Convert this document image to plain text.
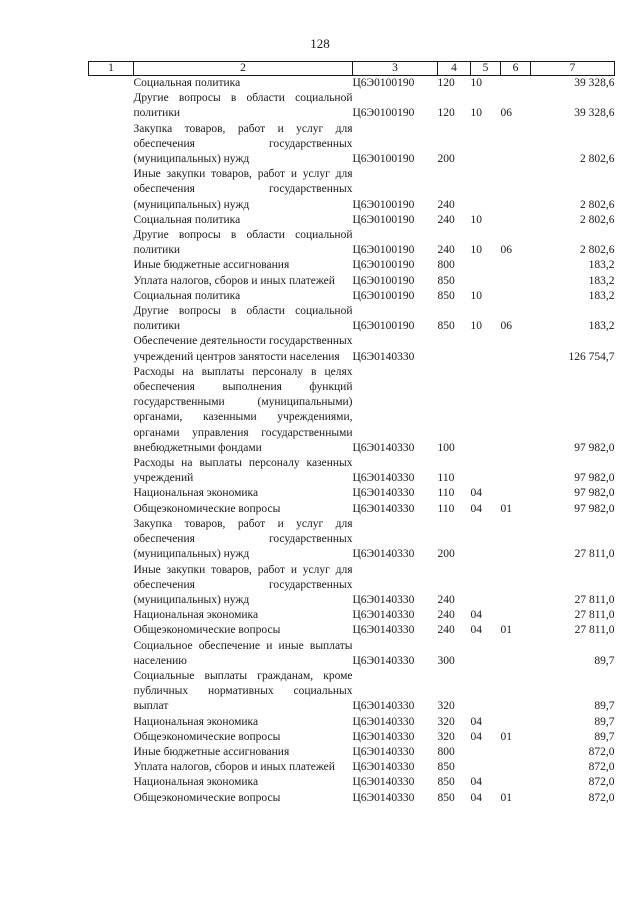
128
1	2	3	4	5	6	7
	Социальная политика	Ц6Э0100190	120	10		39 328,6
	Другие вопросы в области социальной политики	Ц6Э0100190	120	10	06	39 328,6
	Закупка товаров, работ и услуг для обеспечения государственных (муниципальных) нужд	Ц6Э0100190	200			2 802,6
	Иные закупки товаров, работ и услуг для обеспечения государственных (муниципальных) нужд	Ц6Э0100190	240			2 802,6
	Социальная политика	Ц6Э0100190	240	10		2 802,6
	Другие вопросы в области социальной политики	Ц6Э0100190	240	10	06	2 802,6
	Иные бюджетные ассигнования	Ц6Э0100190	800			183,2
	Уплата налогов, сборов и иных платежей	Ц6Э0100190	850			183,2
	Социальная политика	Ц6Э0100190	850	10		183,2
	Другие вопросы в области социальной политики	Ц6Э0100190	850	10	06	183,2
	Обеспечение деятельности государственных учреждений центров занятости населения	Ц6Э0140330				126 754,7
	Расходы на выплаты персоналу в целях обеспечения выполнения функций государственными (муниципальными) органами, казенными учреждениями, органами управления государственными внебюджетными фондами	Ц6Э0140330	100			97 982,0
	Расходы на выплаты персоналу казенных учреждений	Ц6Э0140330	110			97 982,0
	Национальная экономика	Ц6Э0140330	110	04		97 982,0
	Общеэкономические вопросы	Ц6Э0140330	110	04	01	97 982,0
	Закупка товаров, работ и услуг для обеспечения государственных (муниципальных) нужд	Ц6Э0140330	200			27 811,0
	Иные закупки товаров, работ и услуг для обеспечения государственных (муниципальных) нужд	Ц6Э0140330	240			27 811,0
	Национальная экономика	Ц6Э0140330	240	04		27 811,0
	Общеэкономические вопросы	Ц6Э0140330	240	04	01	27 811,0
	Социальное обеспечение и иные выплаты населению	Ц6Э0140330	300			89,7
	Социальные выплаты гражданам, кроме публичных нормативных социальных выплат	Ц6Э0140330	320			89,7
	Национальная экономика	Ц6Э0140330	320	04		89,7
	Общеэкономические вопросы	Ц6Э0140330	320	04	01	89,7
	Иные бюджетные ассигнования	Ц6Э0140330	800			872,0
	Уплата налогов, сборов и иных платежей	Ц6Э0140330	850			872,0
	Национальная экономика	Ц6Э0140330	850	04		872,0
	Общеэкономические вопросы	Ц6Э0140330	850	04	01	872,0
